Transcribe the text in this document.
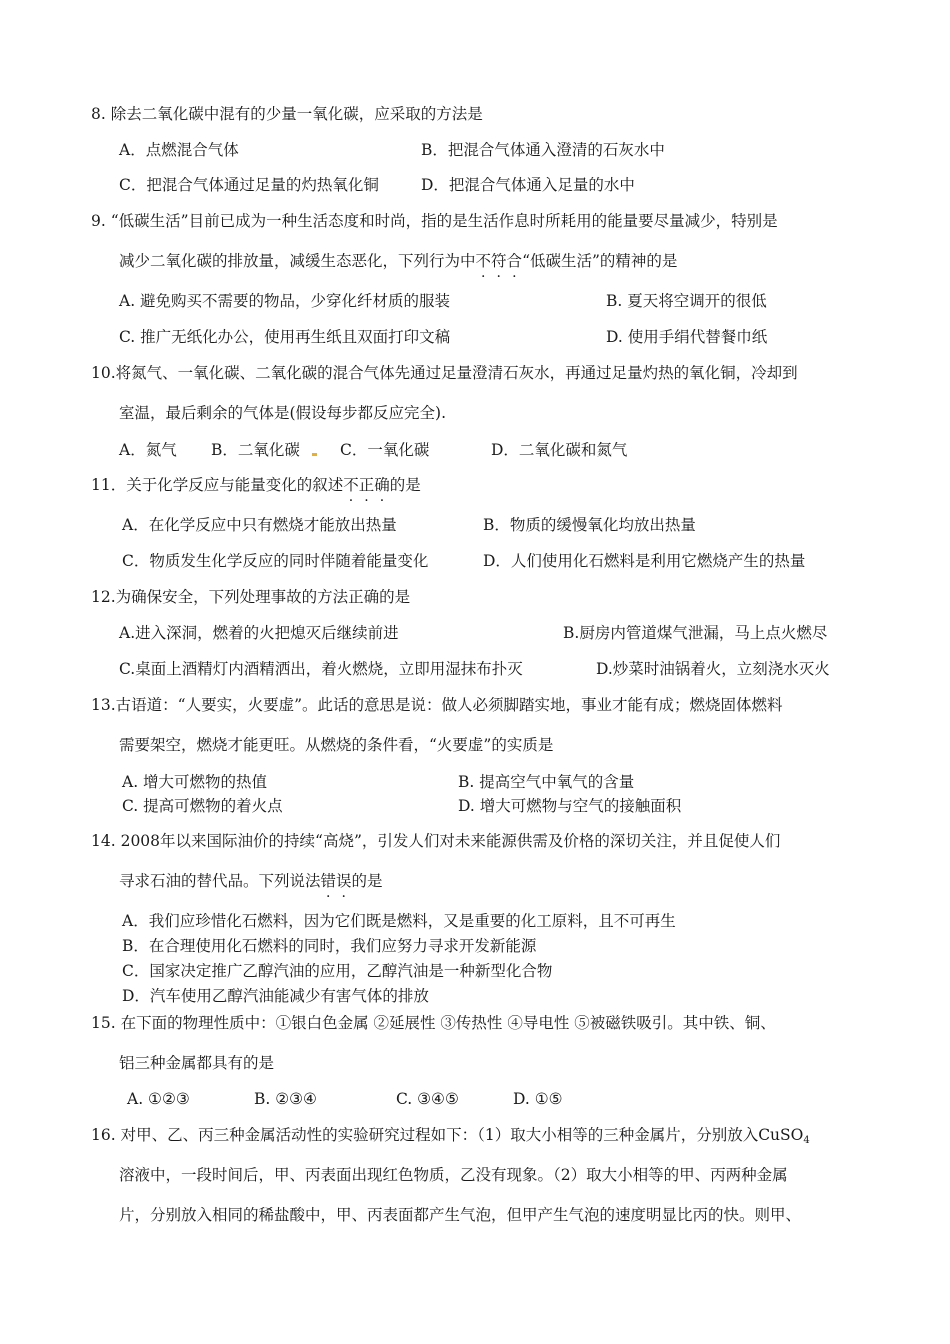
8. 除去二氧化碳中混有的少量一氧化碳，应采取的方法是
A．点燃混合气体	B．把混合气体通入澄清的石灰水中
C．把混合气体通过足量的灼热氧化铜	D．把混合气体通入足量的水中
9. “低碳生活”目前已成为一种生活态度和时尚，指的是生活作息时所耗用的能量要尽量减少，特别是
减少二氧化碳的排放量，减缓生态恶化，下列行为中不符合“低碳生活”的精神的是
A. 避免购买不需要的物品，少穿化纤材质的服装	B. 夏天将空调开的很低
C. 推广无纸化办公，使用再生纸且双面打印文稿	D. 使用手绢代替餐巾纸
10.将氮气、一氧化碳、二氧化碳的混合气体先通过足量澄清石灰水，再通过足量灼热的氧化铜，冷却到
室温，最后剩余的气体是(假设每步都反应完全).
A．氮气 B．二氧化碳	C．一氧化碳	D．二氧化碳和氮气
11．关于化学反应与能量变化的叙述不正确的是
A．在化学反应中只有燃烧才能放出热量	B．物质的缓慢氧化均放出热量
C．物质发生化学反应的同时伴随着能量变化	D．人们使用化石燃料是利用它燃烧产生的热量
12.为确保安全，下列处理事故的方法正确的是
A.进入深洞，燃着的火把熄灭后继续前进	B.厨房内管道煤气泄漏，马上点火燃尽
C.桌面上酒精灯内酒精洒出，着火燃烧，立即用湿抹布扑灭	D.炒菜时油锅着火，立刻浇水灭火
13.古语道：“人要实，火要虚”。此话的意思是说：做人必须脚踏实地，事业才能有成；燃烧固体燃料
需要架空，燃烧才能更旺。从燃烧的条件看，“火要虚”的实质是
A. 增大可燃物的热值	B. 提高空气中氧气的含量
C. 提高可燃物的着火点	D. 增大可燃物与空气的接触面积
14. 2008年以来国际油价的持续“高烧”，引发人们对未来能源供需及价格的深切关注，并且促使人们
寻求石油的替代品。下列说法错误的是
A．我们应珍惜化石燃料，因为它们既是燃料，又是重要的化工原料，且不可再生
B．在合理使用化石燃料的同时，我们应努力寻求开发新能源
C．国家决定推广乙醇汽油的应用，乙醇汽油是一种新型化合物
D．汽车使用乙醇汽油能减少有害气体的排放
15. 在下面的物理性质中：①银白色金属 ②延展性 ③传热性 ④导电性 ⑤被磁铁吸引。其中铁、铜、
铝三种金属都具有的是
A. ①②③	B. ②③④	C. ③④⑤	D. ①⑤
16. 对甲、乙、丙三种金属活动性的实验研究过程如下：（1）取大小相等的三种金属片，分别放入CuSO$_4$
溶液中，一段时间后，甲、丙表面出现红色物质，乙没有现象。（2）取大小相等的甲、丙两种金属
片，分别放入相同的稀盐酸中，甲、丙表面都产生气泡，但甲产生气泡的速度明显比丙的快。则甲、
